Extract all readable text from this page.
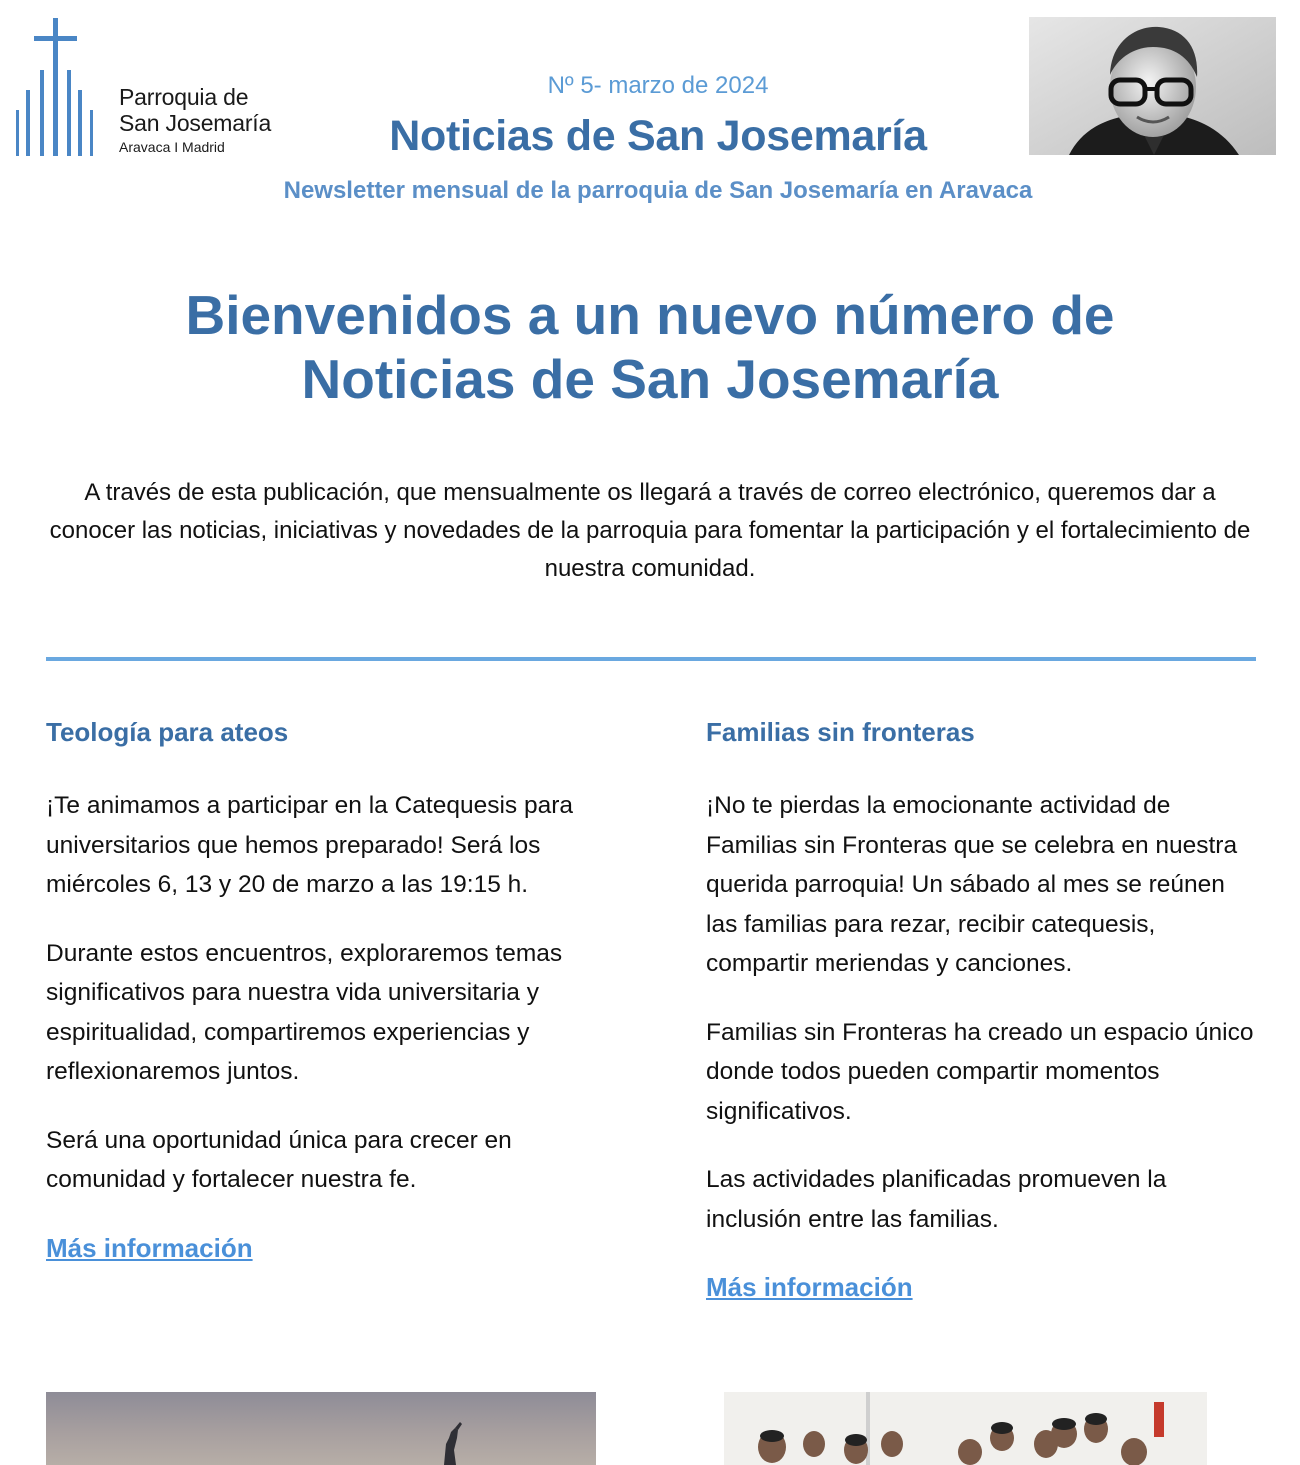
Parroquia de
San Josemaría
Aravaca I Madrid
Nº 5- marzo de 2024
Noticias de San Josemaría
Newsletter mensual de la parroquia de San Josemaría en Aravaca
Bienvenidos a un nuevo número de
Noticias de San Josemaría
A través de esta publicación, que mensualmente os llegará a través de correo electrónico, queremos dar a conocer las noticias, iniciativas y novedades de la parroquia para fomentar la participación y el fortalecimiento de nuestra comunidad.
Teología para ateos

¡Te animamos a participar en la Catequesis para universitarios que hemos preparado! Será los miércoles 6, 13 y 20 de marzo a las 19:15 h.

Durante estos encuentros, exploraremos temas significativos para nuestra vida universitaria y espiritualidad, compartiremos experiencias y reflexionaremos juntos.

Será una oportunidad única para crecer en comunidad y fortalecer nuestra fe.

Más información
Familias sin fronteras

¡No te pierdas la emocionante actividad de Familias sin Fronteras que se celebra en nuestra querida parroquia! Un sábado al mes se reúnen las familias para rezar, recibir catequesis, compartir meriendas y canciones.

Familias sin Fronteras ha creado un espacio único donde todos pueden compartir momentos significativos.

Las actividades planificadas promueven la inclusión entre las familias.

Más información
